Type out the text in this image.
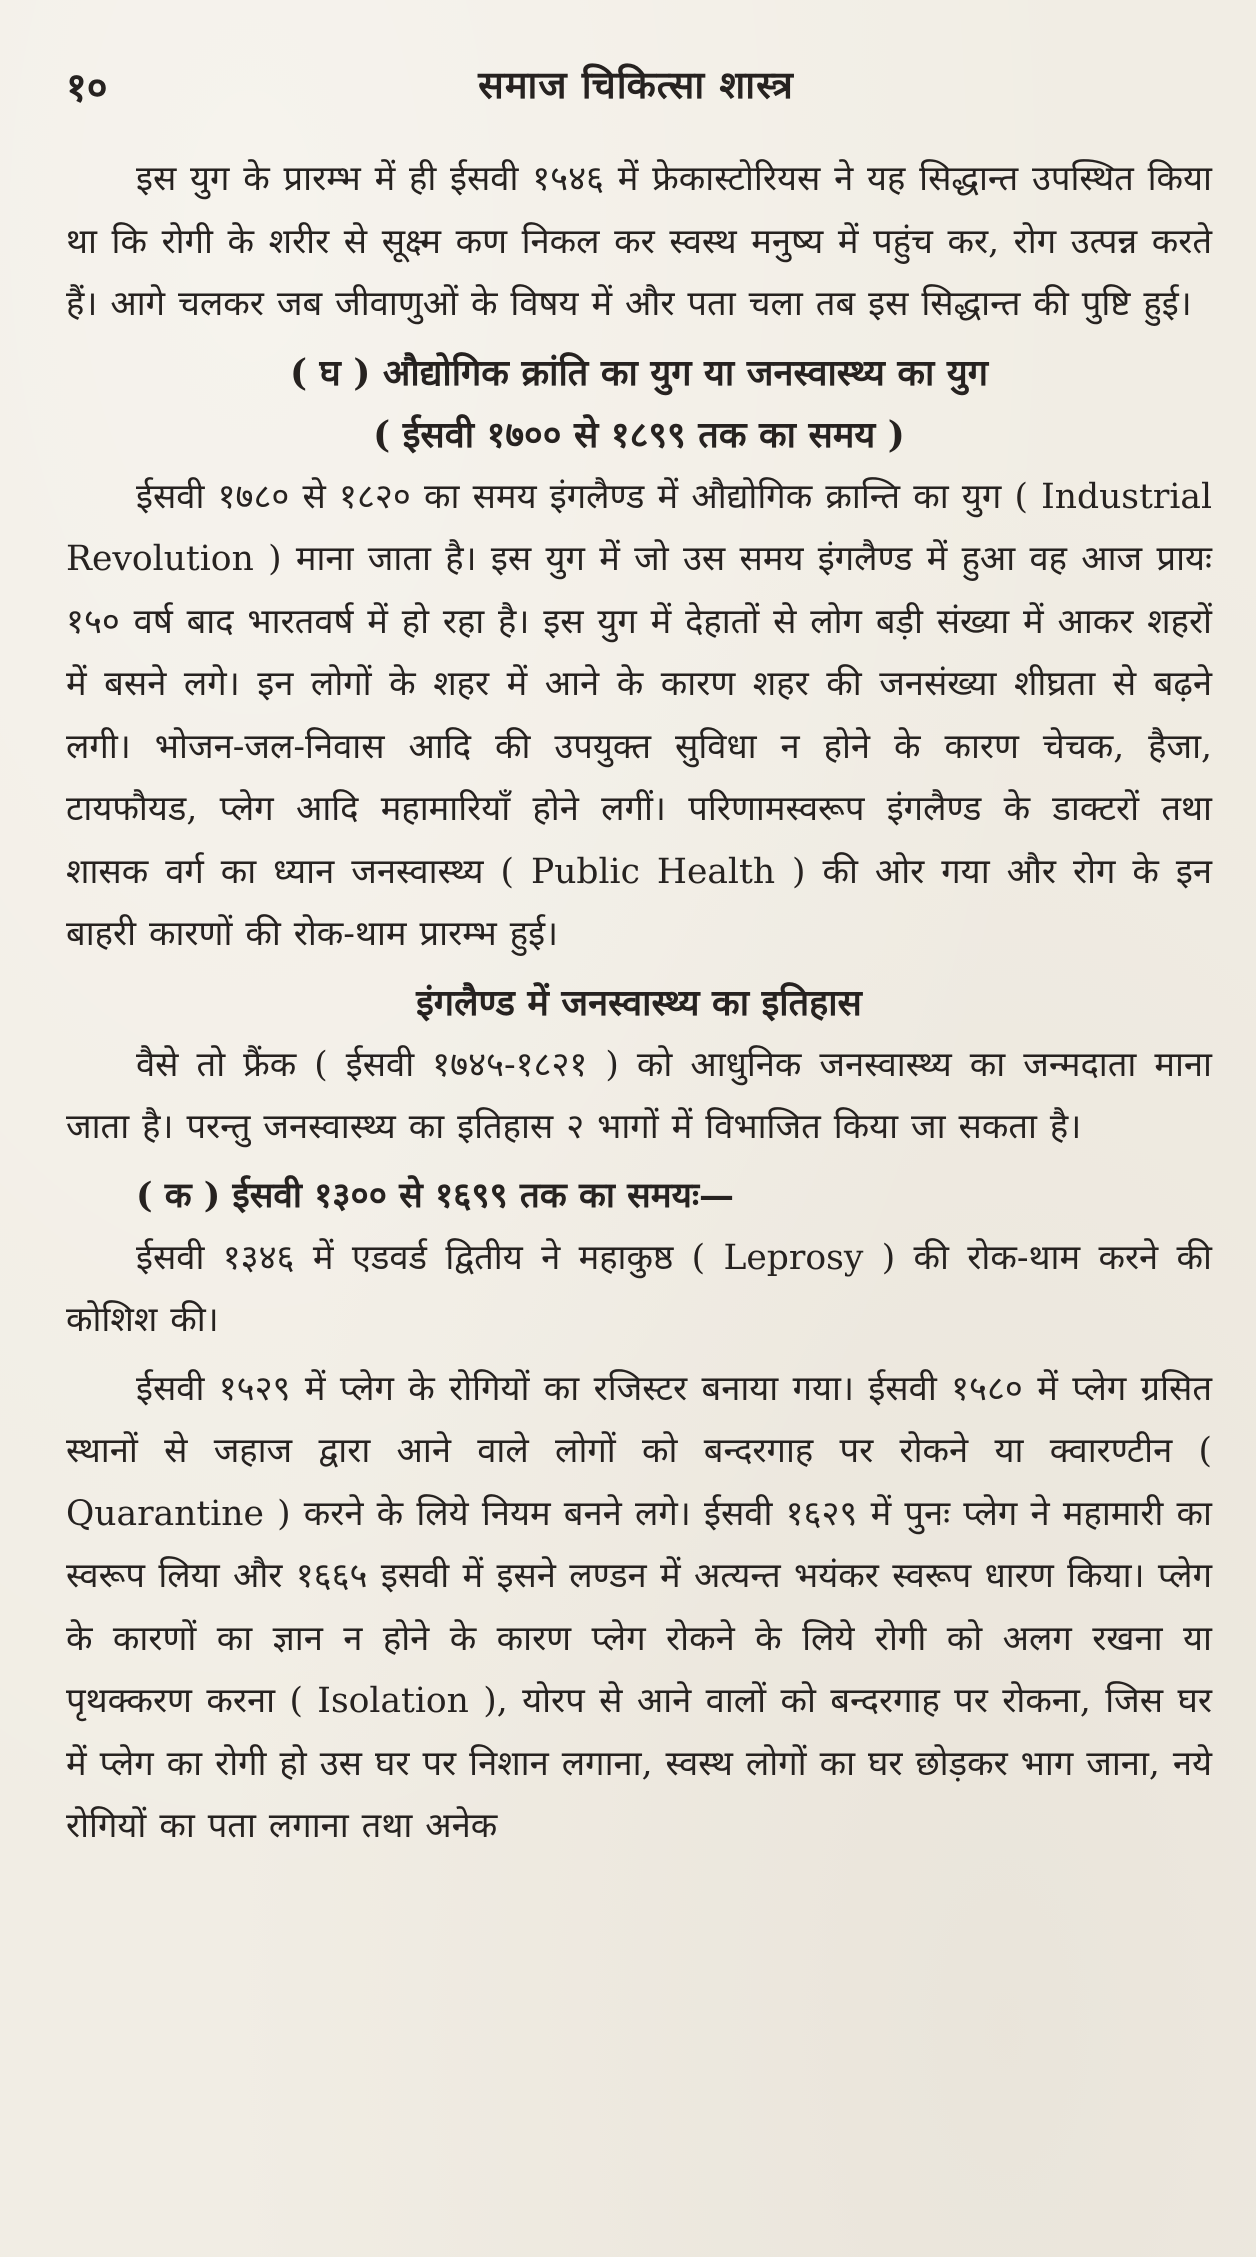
समाज चिकित्सा शास्त्र
१०

इस युग के प्रारम्भ में ही ईसवी १५४६ में फ्रेकास्टोरियस ने यह सिद्धान्त उपस्थित किया था कि रोगी के शरीर से सूक्ष्म कण निकल कर स्वस्थ मनुष्य में पहुंच कर, रोग उत्पन्न करते हैं। आगे चलकर जब जीवाणुओं के विषय में और पता चला तब इस सिद्धान्त की पुष्टि हुई।

( घ ) औद्योगिक क्रांति का युग या जनस्वास्थ्य का युग

( ईसवी १७०० से १८९९ तक का समय )

ईसवी १७८० से १८२० का समय इंगलैण्ड में औद्योगिक क्रान्ति का युग ( Industrial Revolution ) माना जाता है। इस युग में जो उस समय इंगलैण्ड में हुआ वह आज प्रायः १५० वर्ष बाद भारतवर्ष में हो रहा है। इस युग में देहातों से लोग बड़ी संख्या में आकर शहरों में बसने लगे। इन लोगों के शहर में आने के कारण शहर की जनसंख्या शीघ्रता से बढ़ने लगी। भोजन-जल-निवास आदि की उपयुक्त सुविधा न होने के कारण चेचक, हैजा, टायफौयड, प्लेग आदि महामारियाँ होने लगीं। परिणामस्वरूप इंगलैण्ड के डाक्टरों तथा शासक वर्ग का ध्यान जनस्वास्थ्य ( Public Health ) की ओर गया और रोग के इन बाहरी कारणों की रोक-थाम प्रारम्भ हुई।

इंगलैण्ड में जनस्वास्थ्य का इतिहास

वैसे तो फ्रैंक ( ईसवी १७४५-१८२१ ) को आधुनिक जनस्वास्थ्य का जन्मदाता माना जाता है। परन्तु जनस्वास्थ्य का इतिहास २ भागों में विभाजित किया जा सकता है।

( क ) ईसवी १३०० से १६९९ तक का समयः—

ईसवी १३४६ में एडवर्ड द्वितीय ने महाकुष्ठ ( Leprosy ) की रोक-थाम करने की कोशिश की।

ईसवी १५२९ में प्लेग के रोगियों का रजिस्टर बनाया गया। ईसवी १५८० में प्लेग ग्रसित स्थानों से जहाज द्वारा आने वाले लोगों को बन्दरगाह पर रोकने या क्वारण्टीन ( Quarantine ) करने के लिये नियम बनने लगे। ईसवी १६२९ में पुनः प्लेग ने महामारी का स्वरूप लिया और १६६५ इसवी में इसने लण्डन में अत्यन्त भयंकर स्वरूप धारण किया। प्लेग के कारणों का ज्ञान न होने के कारण प्लेग रोकने के लिये रोगी को अलग रखना या पृथक्करण करना ( Isolation ), योरप से आने वालों को बन्दरगाह पर रोकना, जिस घर में प्लेग का रोगी हो उस घर पर निशान लगाना, स्वस्थ लोगों का घर छोड़कर भाग जाना, नये रोगियों का पता लगाना तथा अनेक
